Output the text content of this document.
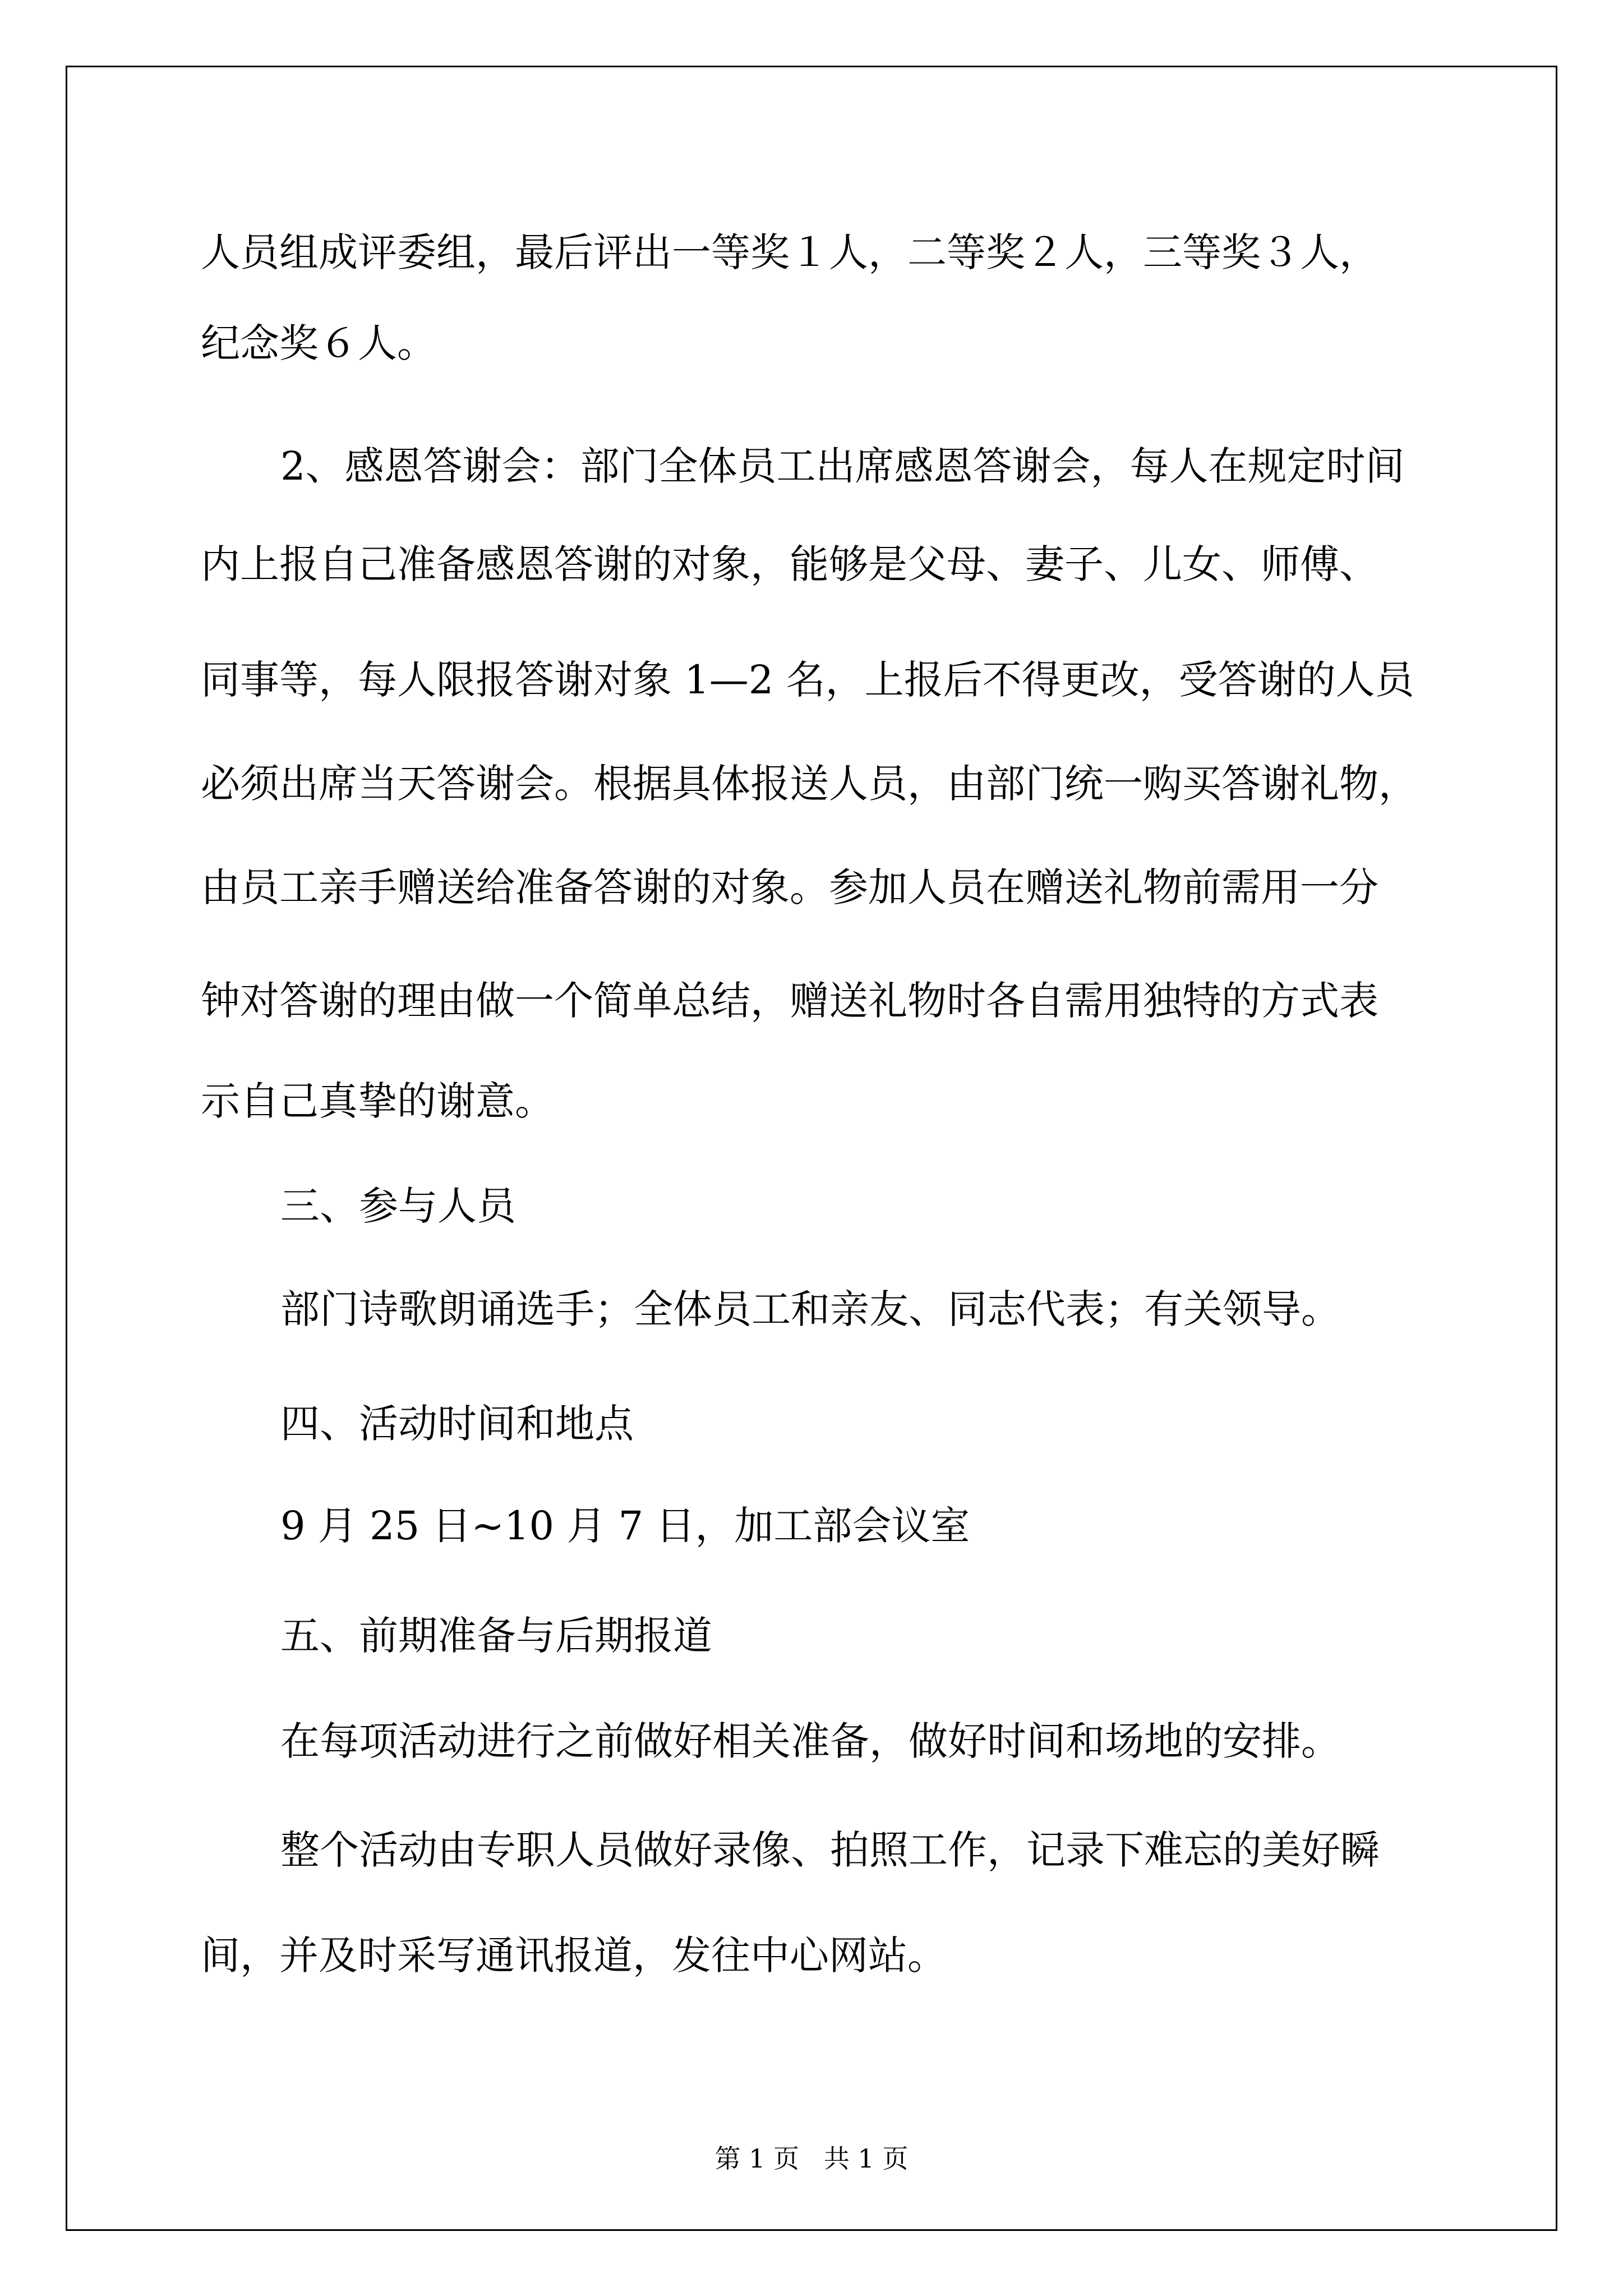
人员组成评委组，最后评出一等奖１人，二等奖２人，三等奖３人，
纪念奖６人。
2、感恩答谢会：部门全体员工出席感恩答谢会，每人在规定时间
内上报自己准备感恩答谢的对象，能够是父母、妻子、儿女、师傅、
同事等，每人限报答谢对象 1—2 名，上报后不得更改，受答谢的人员
必须出席当天答谢会。根据具体报送人员，由部门统一购买答谢礼物，
由员工亲手赠送给准备答谢的对象。参加人员在赠送礼物前需用一分
钟对答谢的理由做一个简单总结，赠送礼物时各自需用独特的方式表
示自己真挚的谢意。
三、参与人员
部门诗歌朗诵选手；全体员工和亲友、同志代表；有关领导。
四、活动时间和地点
9 月 25 日~10 月 7 日，加工部会议室
五、前期准备与后期报道
在每项活动进行之前做好相关准备，做好时间和场地的安排。
整个活动由专职人员做好录像、拍照工作，记录下难忘的美好瞬
间，并及时采写通讯报道，发往中心网站。
第 1 页   共 1 页
